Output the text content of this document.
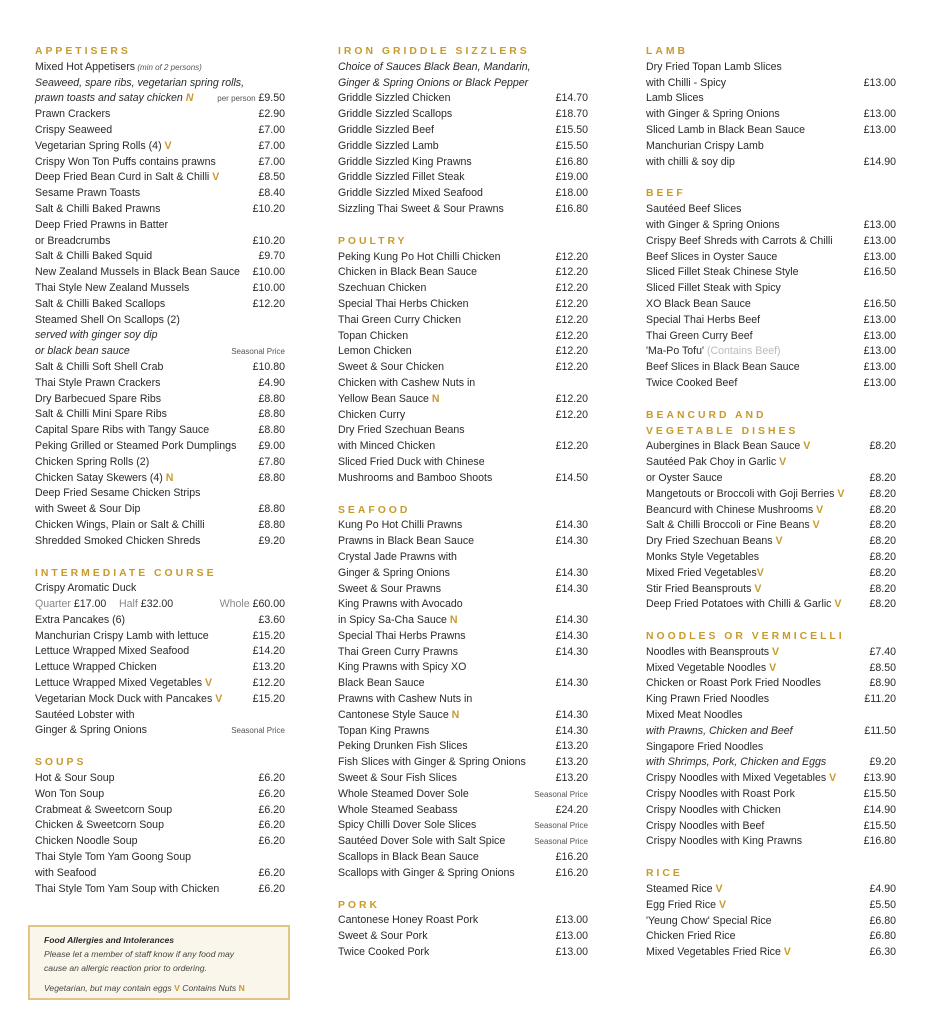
APPETISERS
Mixed Hot Appetisers (min of 2 persons)
Seaweed, spare ribs, vegetarian spring rolls,
prawn toasts and satay chicken N	per person £9.50
Prawn Crackers	£2.90
Crispy Seaweed	£7.00
Vegetarian Spring Rolls (4) V	£7.00
Crispy Won Ton Puffs contains prawns	£7.00
Deep Fried Bean Curd in Salt & Chilli V	£8.50
Sesame Prawn Toasts	£8.40
Salt & Chilli Baked Prawns	£10.20
Deep Fried Prawns in Batter
or Breadcrumbs	£10.20
Salt & Chilli Baked Squid	£9.70
New Zealand Mussels in Black Bean Sauce	£10.00
Thai Style New Zealand Mussels	£10.00
Salt & Chilli Baked Scallops	£12.20
Steamed Shell On Scallops (2)
served with ginger soy dip
or black bean sauce	Seasonal Price
Salt & Chilli Soft Shell Crab	£10.80
Thai Style Prawn Crackers	£4.90
Dry Barbecued Spare Ribs	£8.80
Salt & Chilli Mini Spare Ribs	£8.80
Capital Spare Ribs with Tangy Sauce	£8.80
Peking Grilled or Steamed Pork Dumplings	£9.00
Chicken Spring Rolls (2)	£7.80
Chicken Satay Skewers (4) N	£8.80
Deep Fried Sesame Chicken Strips
with Sweet & Sour Dip	£8.80
Chicken Wings, Plain or Salt & Chilli	£8.80
Shredded Smoked Chicken Shreds	£9.20
INTERMEDIATE COURSE
Crispy Aromatic Duck
Quarter £17.00	Half £32.00	Whole £60.00
Extra Pancakes (6)	£3.60
Manchurian Crispy Lamb with lettuce	£15.20
Lettuce Wrapped Mixed Seafood	£14.20
Lettuce Wrapped Chicken	£13.20
Lettuce Wrapped Mixed Vegetables V	£12.20
Vegetarian Mock Duck with Pancakes V	£15.20
Sautéed Lobster with
Ginger & Spring Onions	Seasonal Price
SOUPS
Hot & Sour Soup	£6.20
Won Ton Soup	£6.20
Crabmeat & Sweetcorn Soup	£6.20
Chicken & Sweetcorn Soup	£6.20
Chicken Noodle Soup	£6.20
Thai Style Tom Yam Goong Soup
with Seafood	£6.20
Thai Style Tom Yam Soup with Chicken	£6.20
Food Allergies and Intolerances
Please let a member of staff know if any food may
cause an allergic reaction prior to ordering.
Vegetarian, but may contain eggs V Contains Nuts N
IRON GRIDDLE SIZZLERS
Choice of Sauces Black Bean, Mandarin,
Ginger & Spring Onions or Black Pepper
Griddle Sizzled Chicken	£14.70
Griddle Sizzled Scallops	£18.70
Griddle Sizzled Beef	£15.50
Griddle Sizzled Lamb	£15.50
Griddle Sizzled King Prawns	£16.80
Griddle Sizzled Fillet Steak	£19.00
Griddle Sizzled Mixed Seafood	£18.00
Sizzling Thai Sweet & Sour Prawns	£16.80
POULTRY
Peking Kung Po Hot Chilli Chicken	£12.20
Chicken in Black Bean Sauce	£12.20
Szechuan Chicken	£12.20
Special Thai Herbs Chicken	£12.20
Thai Green Curry Chicken	£12.20
Topan Chicken	£12.20
Lemon Chicken	£12.20
Sweet & Sour Chicken	£12.20
Chicken with Cashew Nuts in
Yellow Bean Sauce N	£12.20
Chicken Curry	£12.20
Dry Fried Szechuan Beans
with Minced Chicken	£12.20
Sliced Fried Duck with Chinese
Mushrooms and Bamboo Shoots	£14.50
SEAFOOD
Kung Po Hot Chilli Prawns	£14.30
Prawns in Black Bean Sauce	£14.30
Crystal Jade Prawns with
Ginger & Spring Onions	£14.30
Sweet & Sour Prawns	£14.30
King Prawns with Avocado
in Spicy Sa-Cha Sauce N	£14.30
Special Thai Herbs Prawns	£14.30
Thai Green Curry Prawns	£14.30
King Prawns with Spicy XO
Black Bean Sauce	£14.30
Prawns with Cashew Nuts in
Cantonese Style Sauce N	£14.30
Topan King Prawns	£14.30
Peking Drunken Fish Slices	£13.20
Fish Slices with Ginger & Spring Onions	£13.20
Sweet & Sour Fish Slices	£13.20
Whole Steamed Dover Sole	Seasonal Price
Whole Steamed Seabass	£24.20
Spicy Chilli Dover Sole Slices	Seasonal Price
Sautéed Dover Sole with Salt Spice	Seasonal Price
Scallops in Black Bean Sauce	£16.20
Scallops with Ginger & Spring Onions	£16.20
PORK
Cantonese Honey Roast Pork	£13.00
Sweet & Sour Pork	£13.00
Twice Cooked Pork	£13.00
LAMB
Dry Fried Topan Lamb Slices
with Chilli - Spicy	£13.00
Lamb Slices
with Ginger & Spring Onions	£13.00
Sliced Lamb in Black Bean Sauce	£13.00
Manchurian Crispy Lamb
with chilli & soy dip	£14.90
BEEF
Sautéed Beef Slices
with Ginger & Spring Onions	£13.00
Crispy Beef Shreds with Carrots & Chilli	£13.00
Beef Slices in Oyster Sauce	£13.00
Sliced Fillet Steak Chinese Style	£16.50
Sliced Fillet Steak with Spicy
XO Black Bean Sauce	£16.50
Special Thai Herbs Beef	£13.00
Thai Green Curry Beef	£13.00
'Ma-Po Tofu' (Contains Beef)	£13.00
Beef Slices in Black Bean Sauce	£13.00
Twice Cooked Beef	£13.00
BEANCURD AND
VEGETABLE DISHES
Aubergines in Black Bean Sauce V	£8.20
Sautéed Pak Choy in Garlic V
or Oyster Sauce	£8.20
Mangetouts or Broccoli with Goji Berries V	£8.20
Beancurd with Chinese Mushrooms V	£8.20
Salt & Chilli Broccoli or Fine Beans V	£8.20
Dry Fried Szechuan Beans V	£8.20
Monks Style Vegetables	£8.20
Mixed Fried VegetablesV	£8.20
Stir Fried Beansprouts V	£8.20
Deep Fried Potatoes with Chilli & Garlic V	£8.20
NOODLES OR VERMICELLI
Noodles with Beansprouts V	£7.40
Mixed Vegetable Noodles V	£8.50
Chicken or Roast Pork Fried Noodles	£8.90
King Prawn Fried Noodles	£11.20
Mixed Meat Noodles
with Prawns, Chicken and Beef	£11.50
Singapore Fried Noodles
with Shrimps, Pork, Chicken and Eggs	£9.20
Crispy Noodles with Mixed Vegetables V	£13.90
Crispy Noodles with Roast Pork	£15.50
Crispy Noodles with Chicken	£14.90
Crispy Noodles with Beef	£15.50
Crispy Noodles with King Prawns	£16.80
RICE
Steamed Rice V	£4.90
Egg Fried Rice V	£5.50
'Yeung Chow' Special Rice	£6.80
Chicken Fried Rice	£6.80
Mixed Vegetables Fried Rice V	£6.30
